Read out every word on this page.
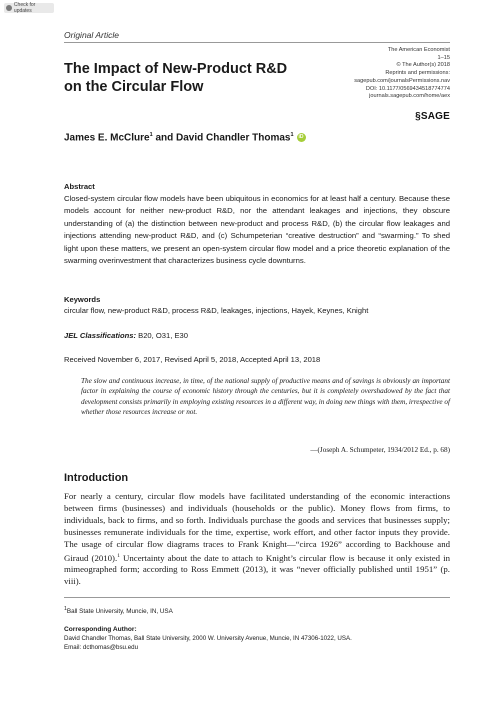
Check for updates
Original Article
The American Economist
1–15
© The Author(s) 2018
Reprints and permissions:
sagepub.com/journalsPermissions.nav
DOI: 10.1177/0569434518774774
journals.sagepub.com/home/aex
§SAGE
The Impact of New-Product R&D
on the Circular Flow
James E. McClure$^1$ and David Chandler Thomas$^1$ iD
Abstract
Closed-system circular flow models have been ubiquitous in economics for at least half a century. Because these models account for neither new-product R&D, nor the attendant leakages and injections, they obscure understanding of (a) the distinction between new-product and process R&D, (b) the circular flow leakages and injections attending new-product R&D, and (c) Schumpeterian “creative destruction” and “swarming.” To shed light upon these matters, we present an open-system circular flow model and a price theoretic explanation of the swarming overinvestment that characterizes business cycle downturns.
Keywords
circular flow, new-product R&D, process R&D, leakages, injections, Hayek, Keynes, Knight
JEL Classifications: B20, O31, E30
Received November 6, 2017, Revised April 5, 2018, Accepted April 13, 2018
The slow and continuous increase, in time, of the national supply of productive means and of savings is obviously an important factor in explaining the course of economic history through the centuries, but it is completely overshadowed by the fact that development consists primarily in employing existing resources in a different way, in doing new things with them, irrespective of whether those resources increase or not.
—(Joseph A. Schumpeter, 1934/2012 Ed., p. 68)
Introduction
For nearly a century, circular flow models have facilitated understanding of the economic interactions between firms (businesses) and individuals (households or the public). Money flows from firms, to individuals, back to firms, and so forth. Individuals purchase the goods and services that businesses supply; businesses remunerate individuals for the time, expertise, work effort, and other factor inputs they provide. The usage of circular flow diagrams traces to Frank Knight—“circa 1926” according to Backhouse and Giraud (2010).$^1$ Uncertainty about the date to attach to Knight’s circular flow is because it only existed in mimeographed form; according to Ross Emmett (2013), it was “never officially published until 1951” (p. viii).
$^1$Ball State University, Muncie, IN, USA
Corresponding Author:
David Chandler Thomas, Ball State University, 2000 W. University Avenue, Muncie, IN 47306-1022, USA.
Email: dcthomas@bsu.edu
